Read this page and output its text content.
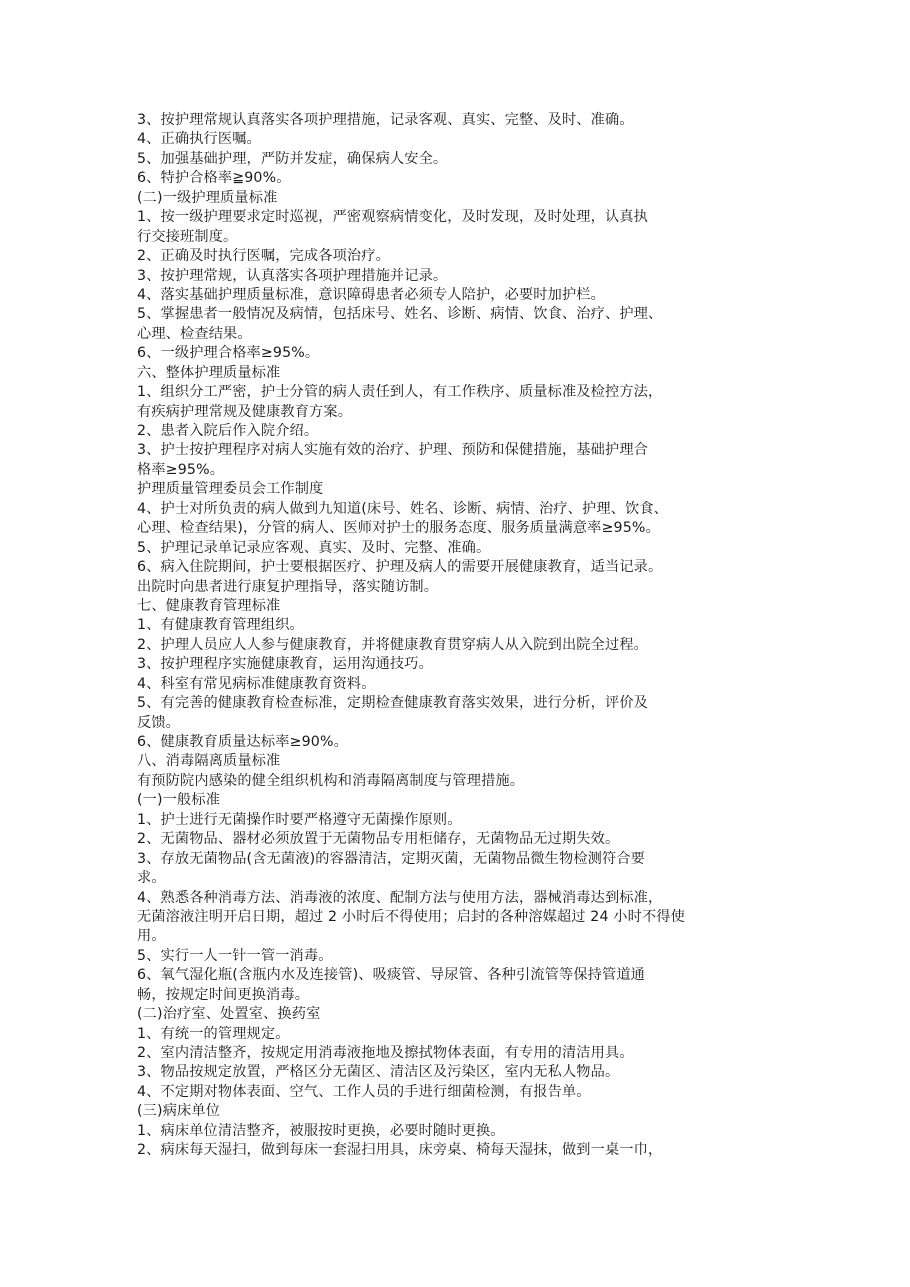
3、按护理常规认真落实各项护理措施，记录客观、真实、完整、及时、准确。
4、正确执行医嘱。
5、加强基础护理，严防并发症，确保病人安全。
6、特护合格率≧90%。
(二)一级护理质量标准
1、按一级护理要求定时巡视，严密观察病情变化，及时发现，及时处理，认真执
行交接班制度。
2、正确及时执行医嘱，完成各项治疗。
3、按护理常规，认真落实各项护理措施并记录。
4、落实基础护理质量标准，意识障碍患者必须专人陪护，必要时加护栏。
5、掌握患者一般情况及病情，包括床号、姓名、诊断、病情、饮食、治疗、护理、
心理、检查结果。
6、一级护理合格率≥95%。
六、整体护理质量标准
1、组织分工严密，护士分管的病人责任到人，有工作秩序、质量标准及检控方法，
有疾病护理常规及健康教育方案。
2、患者入院后作入院介绍。
3、护士按护理程序对病人实施有效的治疗、护理、预防和保健措施，基础护理合
格率≥95%。
护理质量管理委员会工作制度
4、护士对所负责的病人做到九知道(床号、姓名、诊断、病情、治疗、护理、饮食、
心理、检查结果)，分管的病人、医师对护士的服务态度、服务质量满意率≥95%。
5、护理记录单记录应客观、真实、及时、完整、准确。
6、病入住院期间，护士要根据医疗、护理及病人的需要开展健康教育，适当记录。
出院时向患者进行康复护理指导，落实随访制。
七、健康教育管理标准
1、有健康教育管理组织。
2、护理人员应人人参与健康教育，并将健康教育贯穿病人从入院到出院全过程。
3、按护理程序实施健康教育，运用沟通技巧。
4、科室有常见病标准健康教育资料。
5、有完善的健康教育检查标准，定期检查健康教育落实效果，进行分析，评价及
反馈。
6、健康教育质量达标率≥90%。
八、消毒隔离质量标准
有预防院内感染的健全组织机构和消毒隔离制度与管理措施。
(一)一般标准
1、护士进行无菌操作时要严格遵守无菌操作原则。
2、无菌物品、器材必须放置于无菌物品专用柜储存，无菌物品无过期失效。
3、存放无菌物品(含无菌液)的容器清洁，定期灭菌，无菌物品微生物检测符合要
求。
4、熟悉各种消毒方法、消毒液的浓度、配制方法与使用方法，器械消毒达到标准，
无菌溶液注明开启日期，超过 2 小时后不得使用；启封的各种溶媒超过 24 小时不得使
用。
5、实行一人一针一管一消毒。
6、氧气湿化瓶(含瓶内水及连接管)、吸痰管、导尿管、各种引流管等保持管道通
畅，按规定时间更换消毒。
(二)治疗室、处置室、换药室
1、有统一的管理规定。
2、室内清洁整齐，按规定用消毒液拖地及擦拭物体表面，有专用的清洁用具。
3、物品按规定放置，严格区分无菌区、清洁区及污染区，室内无私人物品。
4、不定期对物体表面、空气、工作人员的手进行细菌检测，有报告单。
(三)病床单位
1、病床单位清洁整齐，被服按时更换，必要时随时更换。
2、病床每天湿扫，做到每床一套湿扫用具，床旁桌、椅每天湿抹，做到一桌一巾，
